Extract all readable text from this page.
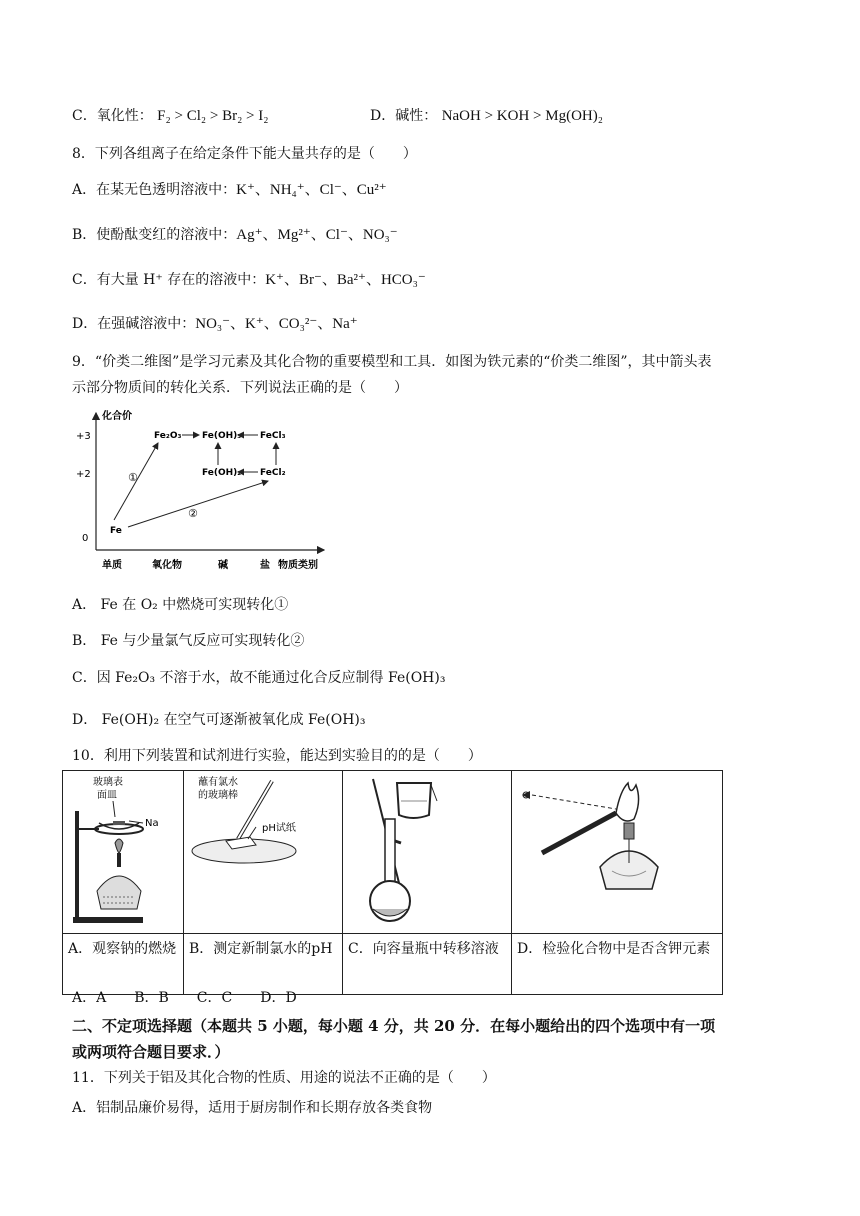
C．氧化性： F₂ > Cl₂ > Br₂ > I₂	D．碱性： NaOH > KOH > Mg(OH)₂
8．下列各组离子在给定条件下能大量共存的是（　　）
A．在某无色透明溶液中：K⁺、NH₄⁺、Cl⁻、Cu²⁺
B．使酚酞变红的溶液中：Ag⁺、Mg²⁺、Cl⁻、NO₃⁻
C．有大量 H⁺ 存在的溶液中：K⁺、Br⁻、Ba²⁺、HCO₃⁻
D．在强碱溶液中：NO₃⁻、K⁺、CO₃²⁻、Na⁺
9．“价类二维图”是学习元素及其化合物的重要模型和工具．如图为铁元素的“价类二维图”，其中箭头表
示部分物质间的转化关系．下列说法正确的是（　　）
化合价
+3
+2
0
单质	氧化物	碱	盐 物质类别
Fe
Fe₂O₃ Fe(OH)₃ FeCl₃
Fe(OH)₂ FeCl₂
①
②
A． Fe 在 O₂ 中燃烧可实现转化①
B． Fe 与少量氯气反应可实现转化②
C．因 Fe₂O₃ 不溶于水，故不能通过化合反应制得 Fe(OH)₃
D． Fe(OH)₂ 在空气可逐渐被氧化成 Fe(OH)₃
10．利用下列装置和试剂进行实验，能达到实验目的的是（　　）
玻璃表
面皿
Na	蘸有氯水
的玻璃棒
pH试纸

A．观察钠的燃烧	B．测定新制氯水的pH	C．向容量瓶中转移溶液	D．检验化合物中是否含钾元素
A．A　　B．B　　C．C　　D．D
二、不定项选择题（本题共 5 小题，每小题 4 分，共 20 分．在每小题给出的四个选项中有一项
或两项符合题目要求．）
11．下列关于铝及其化合物的性质、用途的说法不正确的是（　　）
A．铝制品廉价易得，适用于厨房制作和长期存放各类食物
